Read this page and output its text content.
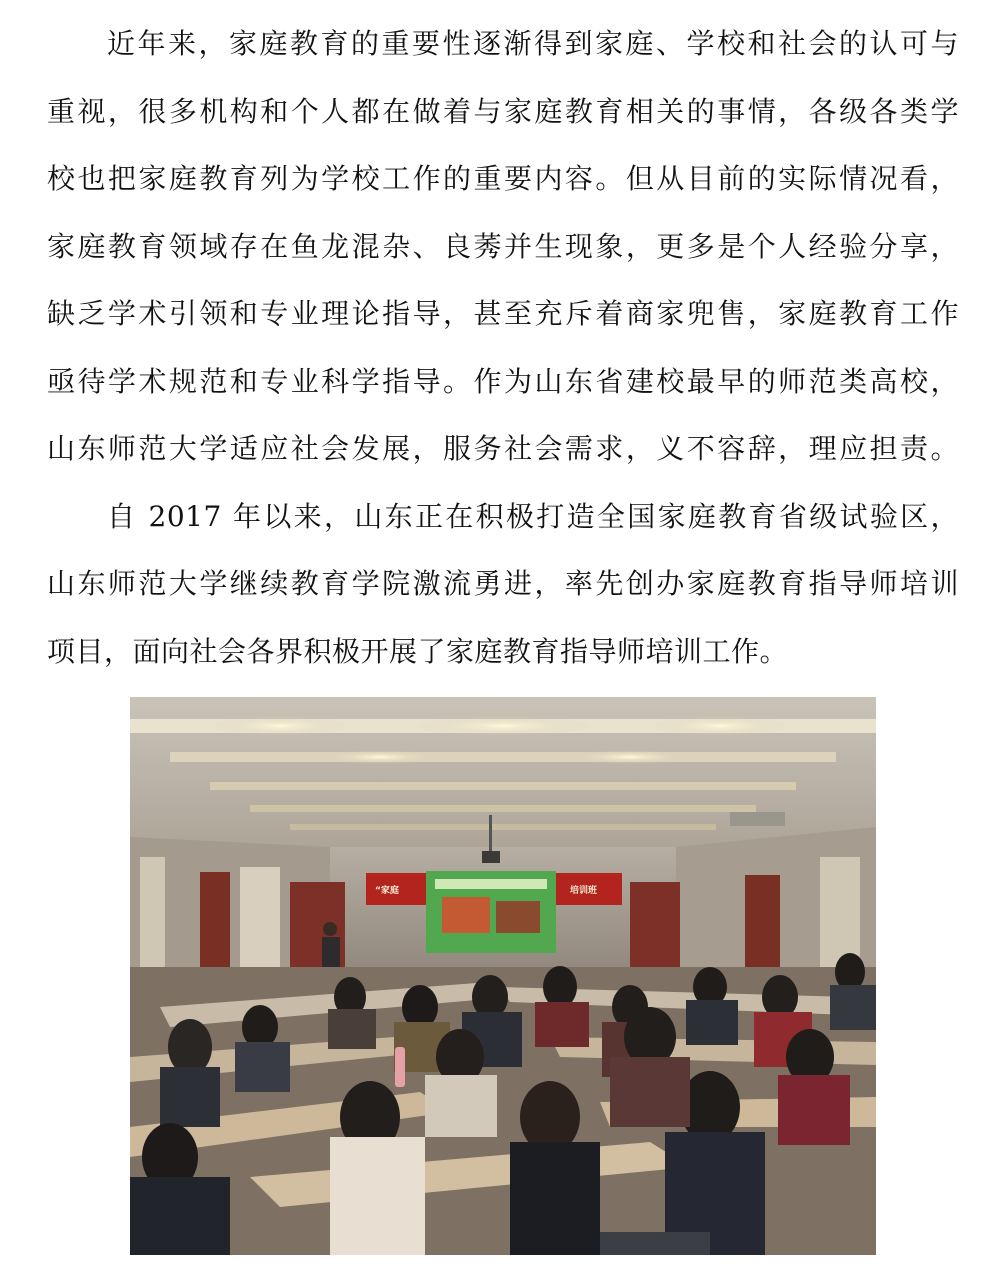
近年来，家庭教育的重要性逐渐得到家庭、学校和社会的认可与
重视，很多机构和个人都在做着与家庭教育相关的事情，各级各类学
校也把家庭教育列为学校工作的重要内容。但从目前的实际情况看，
家庭教育领域存在鱼龙混杂、良莠并生现象，更多是个人经验分享，
缺乏学术引领和专业理论指导，甚至充斥着商家兜售，家庭教育工作
亟待学术规范和专业科学指导。作为山东省建校最早的师范类高校，
山东师范大学适应社会发展，服务社会需求，义不容辞，理应担责。
自 2017 年以来，山东正在积极打造全国家庭教育省级试验区，
山东师范大学继续教育学院激流勇进，率先创办家庭教育指导师培训
项目，面向社会各界积极开展了家庭教育指导师培训工作。
“家庭	培训班
